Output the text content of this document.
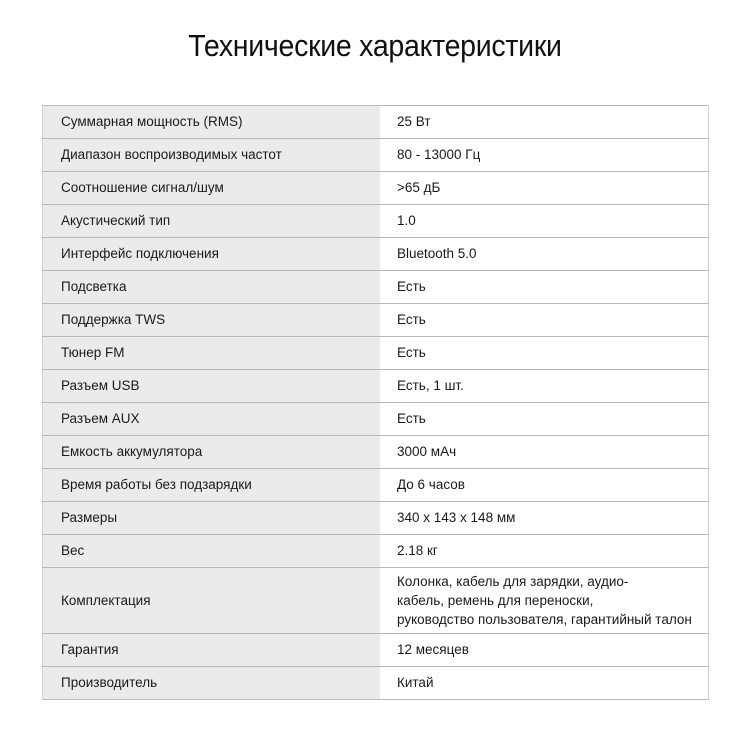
Технические характеристики
Суммарная мощность (RMS)	25 Вт
Диапазон воспроизводимых частот	80 - 13000 Гц
Соотношение сигнал/шум	>65 дБ
Акустический тип	1.0
Интерфейс подключения	Bluetooth 5.0
Подсветка	Есть
Поддержка TWS	Есть
Тюнер FM	Есть
Разъем USB	Есть, 1 шт.
Разъем AUX	Есть
Емкость аккумулятора	3000 мАч
Время работы без подзарядки	До 6 часов
Размеры	340 x 143 x 148 мм
Вес	2.18 кг
Комплектация	Колонка, кабель для зарядки, аудио-
кабель, ремень для переноски,
руководство пользователя, гарантийный талон

Гарантия	12 месяцев
Производитель	Китай
